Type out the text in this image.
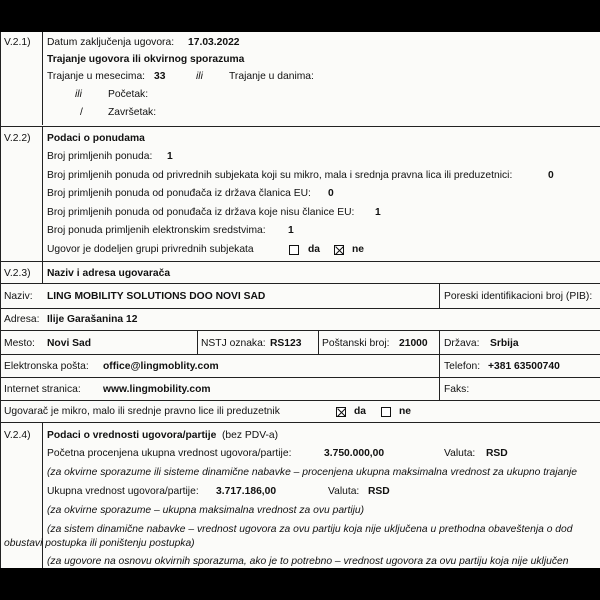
V.2.1) Datum zaključenja ugovora: 17.03.2022
Trajanje ugovora ili okvirnog sporazuma
Trajanje u mesecima: 33	ili	Trajanje u danima:
ili	Početak:
/ Završetak:
V.2.2) Podaci o ponudama
Broj primljenih ponuda: 1
Broj primljenih ponuda od privrednih subjekata koji su mikro, mala i srednja pravna lica ili preduzetnici:	0
Broj primljenih ponuda od ponuđača iz država članica EU: 0
Broj primljenih ponuda od ponuđača iz država koje nisu članice EU: 1
Broj ponuda primljenih elektronskim sredstvima: 1
Ugovor je dodeljen grupi privrednih subjekata	da	ne
V.2.3) Naziv i adresa ugovarača
Naziv: LING MOBILITY SOLUTIONS DOO NOVI SAD	Poreski identifikacioni broj (PIB):
Adresa: Ilije Garašanina 12
Mesto: Novi Sad	NSTJ oznaka: RS123 Poštanski broj: 21000 Država: Srbija
Elektronska pošta: office@lingmoblity.com	Telefon: +381 63500740
Internet stranica: www.lingmobility.com	Faks:
Ugovarač je mikro, malo ili srednje pravno lice ili preduzetnik	da	ne
V.2.4) Podaci o vrednosti ugovora/partije (bez PDV-a)
Početna procenjena ukupna vrednost ugovora/partije:	3.750.000,00	Valuta: RSD
(za okvirne sporazume ili sisteme dinamične nabavke – procenjena ukupna maksimalna vrednost za ukupno trajanje
Ukupna vrednost ugovora/partije: 3.717.186,00	Valuta: RSD
(za okvirne sporazume – ukupna maksimalna vrednost za ovu partiju)
(za sistem dinamične nabavke – vrednost ugovora za ovu partiju koja nije uključena u prethodna obaveštenja o dod
obustavi postupka ili poništenju postupka)
(za ugovore na osnovu okvirnih sporazuma, ako je to potrebno – vrednost ugovora za ovu partiju koja nije uključen
